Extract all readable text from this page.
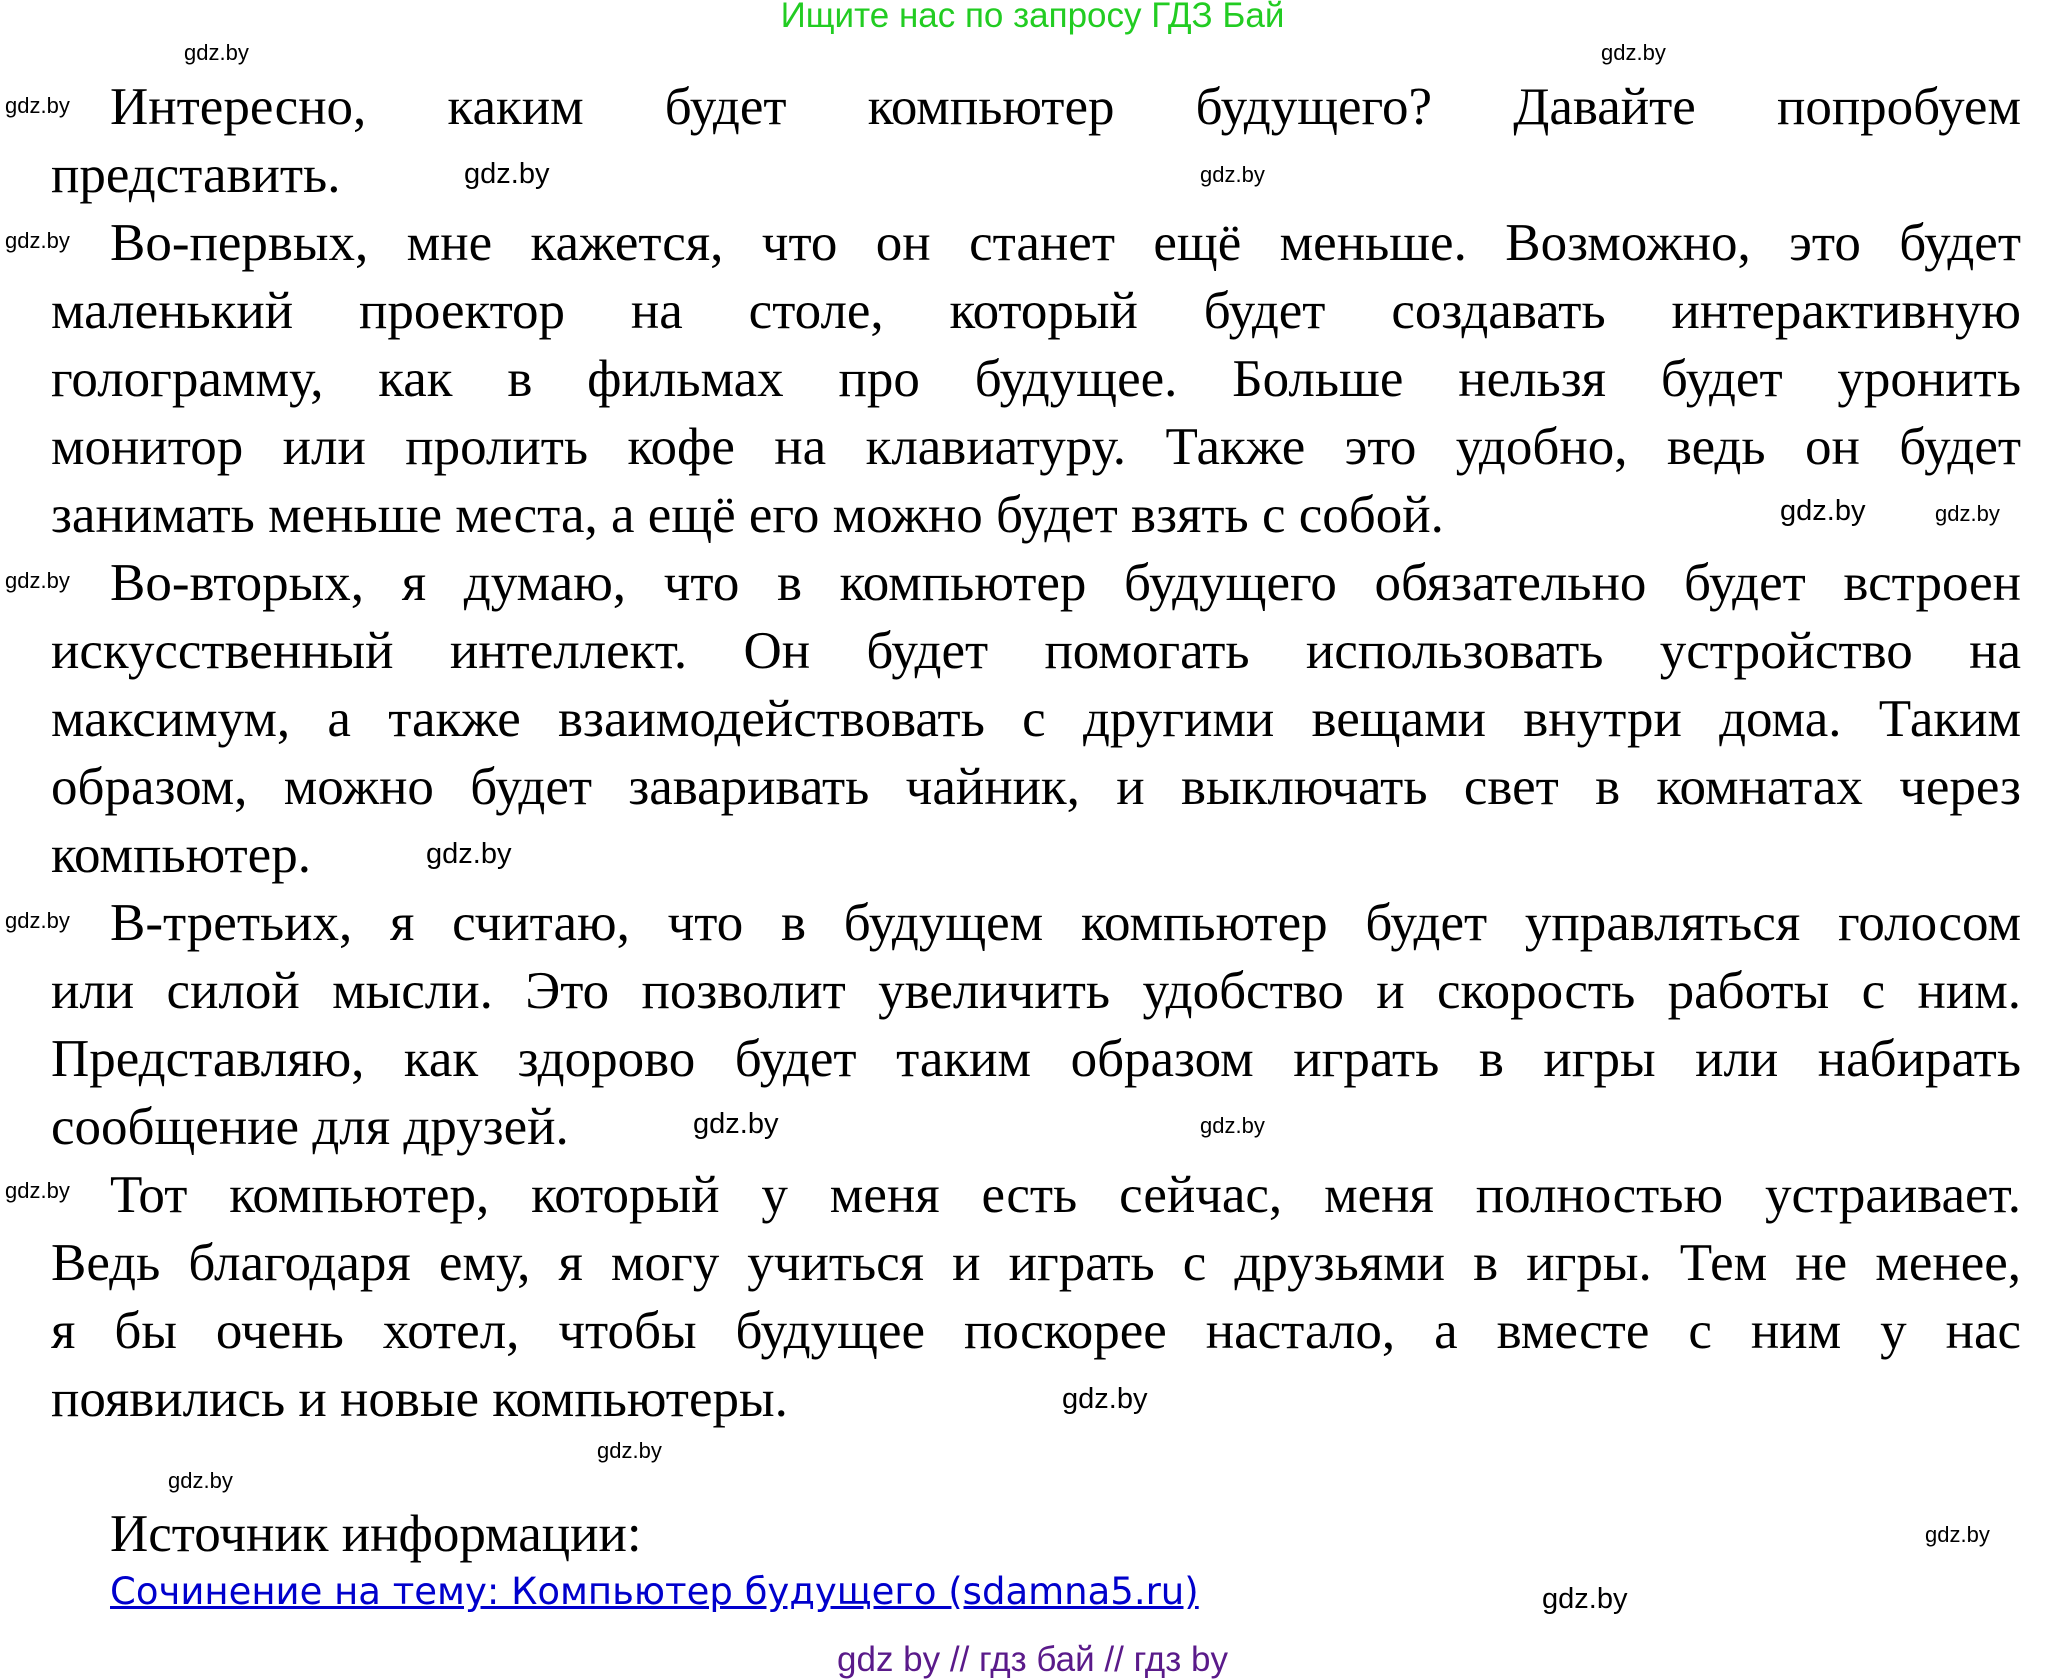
Ищите нас по запросу ГДЗ Бай
Интересно, каким будет компьютер будущего? Давайте попробуем
представить.
Во-первых, мне кажется, что он станет ещё меньше. Возможно, это будет
маленький проектор на столе, который будет создавать интерактивную
голограмму, как в фильмах про будущее. Больше нельзя будет уронить
монитор или пролить кофе на клавиатуру. Также это удобно, ведь он будет
занимать меньше места, а ещё его можно будет взять с собой.
Во-вторых, я думаю, что в компьютер будущего обязательно будет встроен
искусственный интеллект. Он будет помогать использовать устройство на
максимум, а также взаимодействовать с другими вещами внутри дома. Таким
образом, можно будет заваривать чайник, и выключать свет в комнатах через
компьютер.
В-третьих, я считаю, что в будущем компьютер будет управляться голосом
или силой мысли. Это позволит увеличить удобство и скорость работы с ним.
Представляю, как здорово будет таким образом играть в игры или набирать
сообщение для друзей.
Тот компьютер, который у меня есть сейчас, меня полностью устраивает.
Ведь благодаря ему, я могу учиться и играть с друзьями в игры. Тем не менее,
я бы очень хотел, чтобы будущее поскорее настало, а вместе с ним у нас
появились и новые компьютеры.
Источник информации:
Сочинение на тему: Компьютер будущего (sdamna5.ru)
gdz.by	gdz.by
gdz.by
gdz.by	gdz.by
gdz.by
gdz.by	gdz.by
gdz.by
gdz.by
gdz.by
gdz.by	gdz.by
gdz.by
gdz.by
gdz.by
gdz.by
gdz.by
gdz.by
gdz by // гдз бай // гдз by
